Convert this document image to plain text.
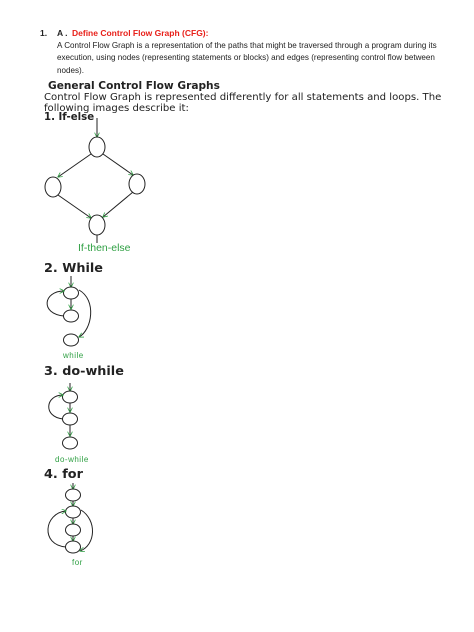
1. A . Define Control Flow Graph (CFG):
A Control Flow Graph is a representation of the paths that might be traversed through a program during its execution, using nodes (representing statements or blocks) and edges (representing control flow between nodes).
General Control Flow Graphs
Control Flow Graph is represented differently for all statements and loops. The following images describe it:
1. If-else
2. While
3. do-while
4. for
If-then-else
while
do-while
for
